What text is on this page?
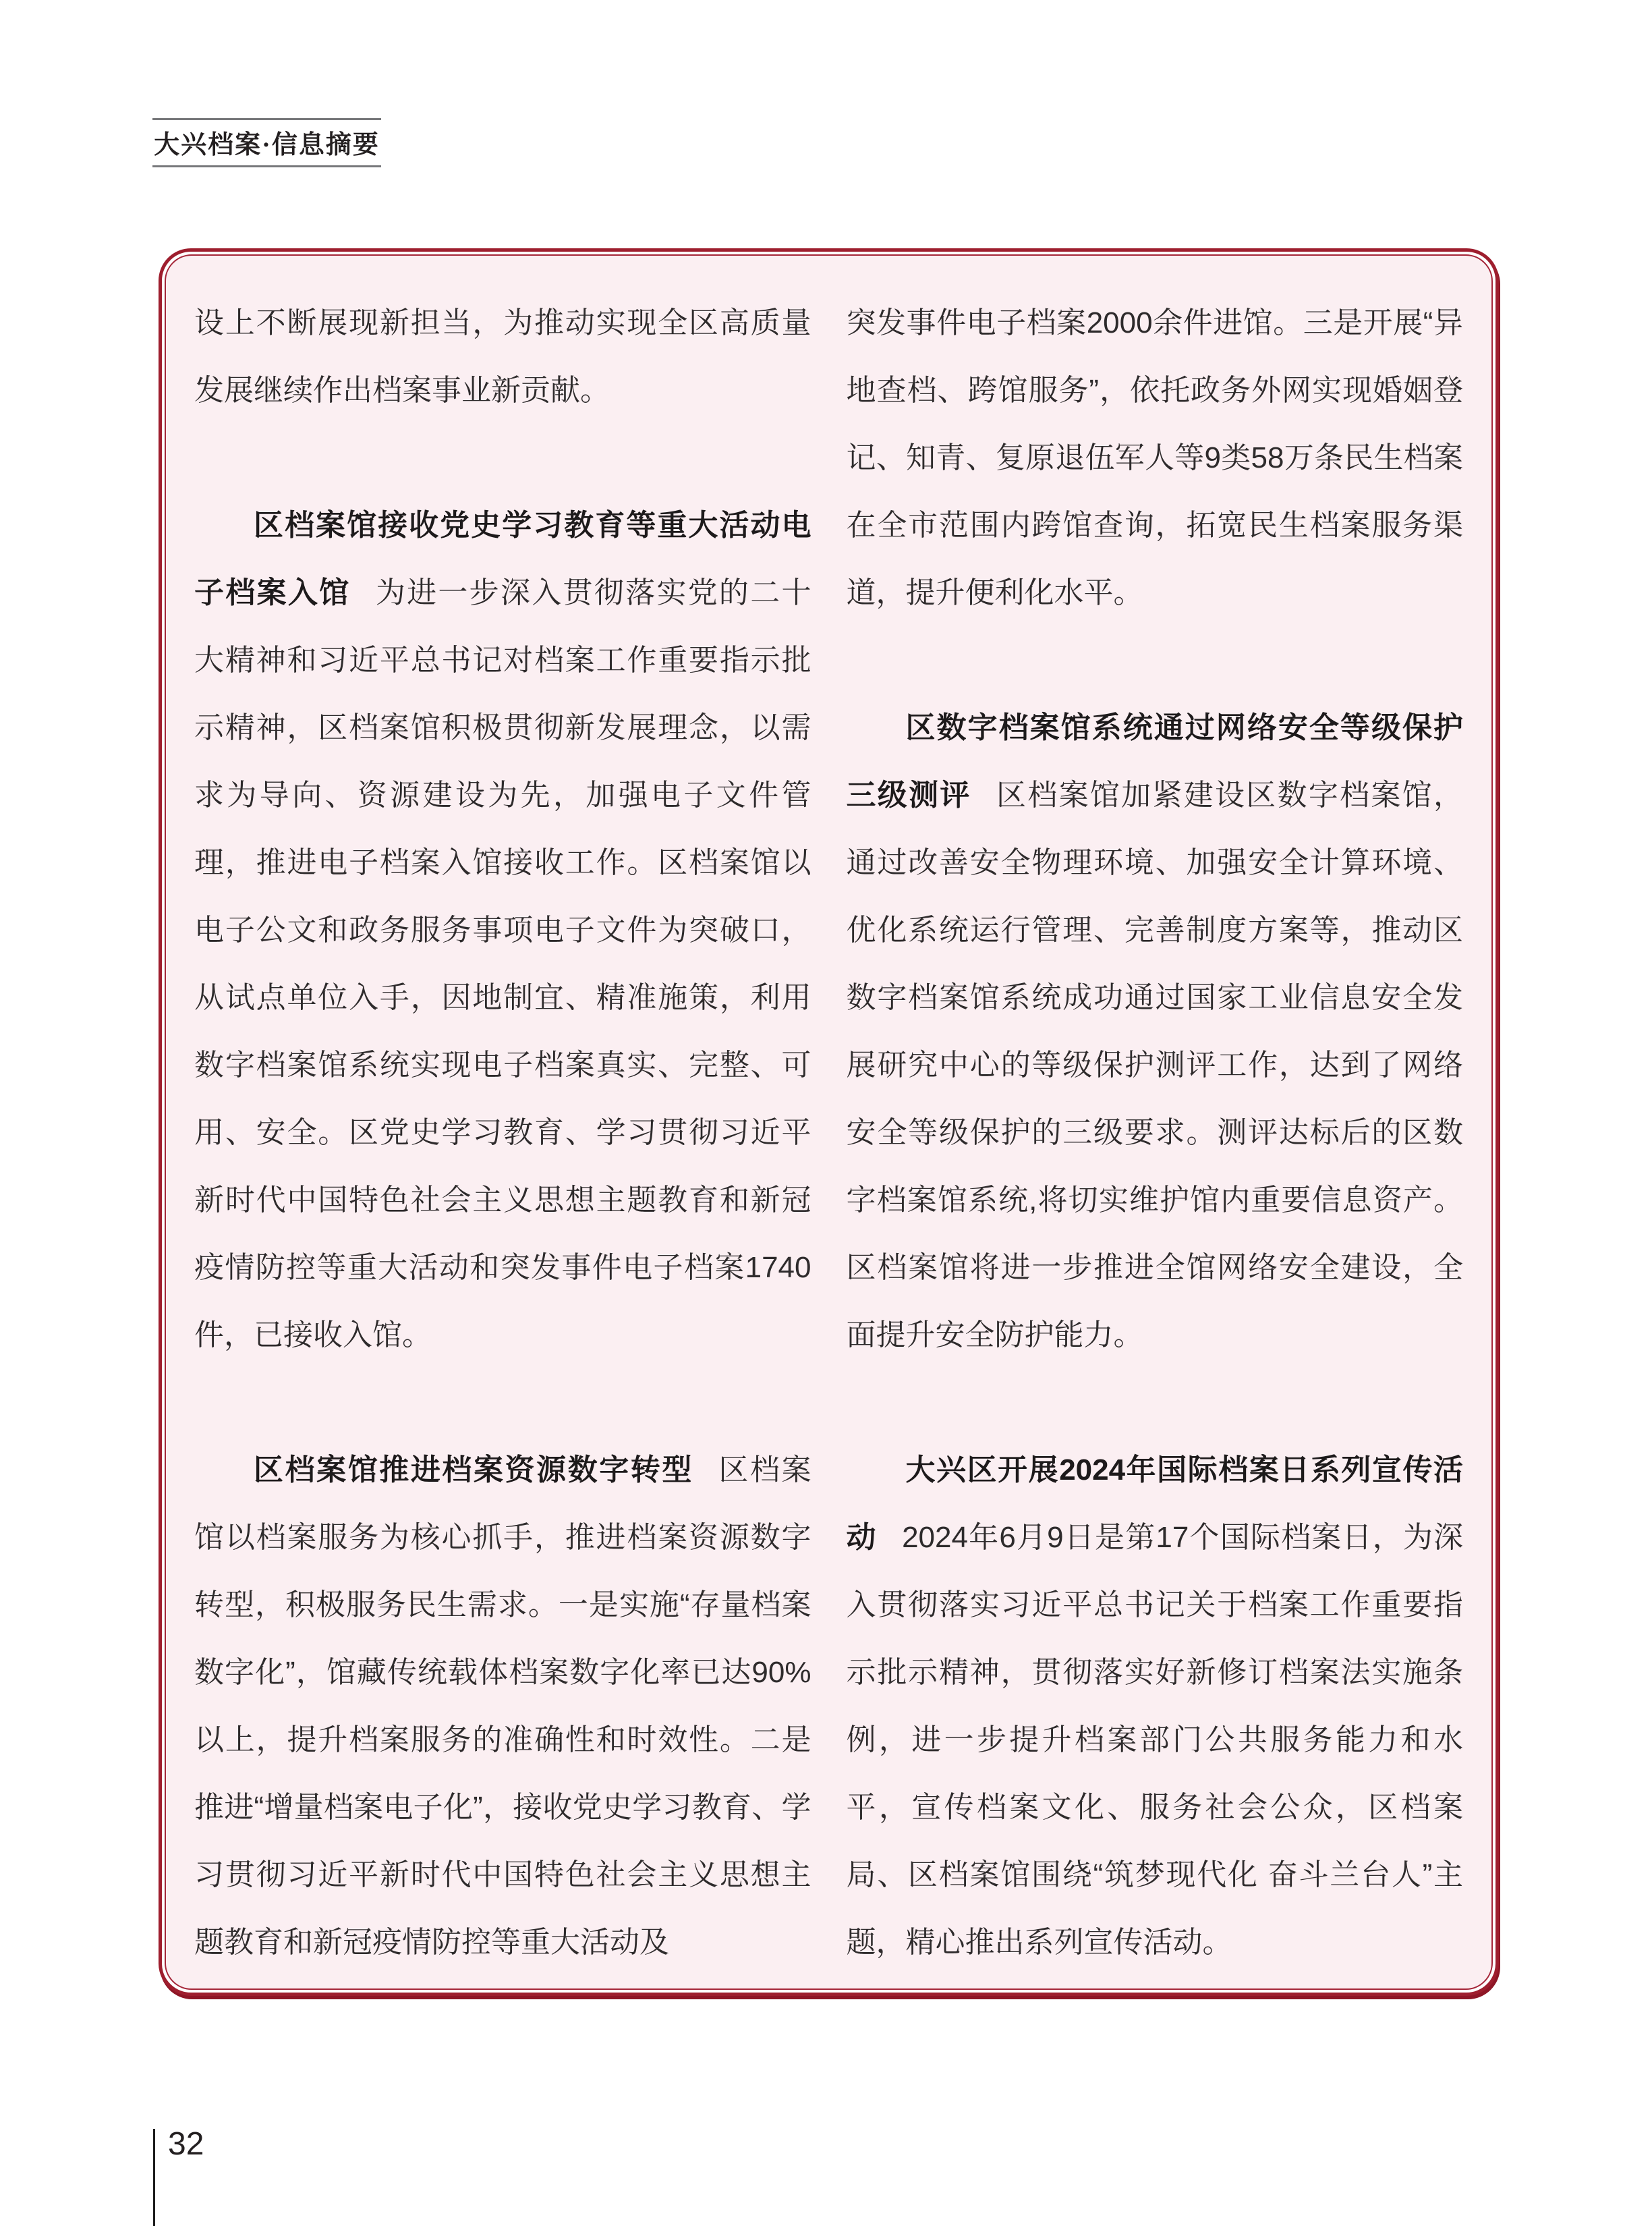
大兴档案·信息摘要

设上不断展现新担当，为推动实现全区高质量发展继续作出档案事业新贡献。

区档案馆接收党史学习教育等重大活动电子档案入馆 为进一步深入贯彻落实党的二十大精神和习近平总书记对档案工作重要指示批示精神，区档案馆积极贯彻新发展理念，以需求为导向、资源建设为先，加强电子文件管理，推进电子档案入馆接收工作。区档案馆以电子公文和政务服务事项电子文件为突破口，从试点单位入手，因地制宜、精准施策，利用数字档案馆系统实现电子档案真实、完整、可用、安全。区党史学习教育、学习贯彻习近平新时代中国特色社会主义思想主题教育和新冠疫情防控等重大活动和突发事件电子档案1740件，已接收入馆。

区档案馆推进档案资源数字转型 区档案馆以档案服务为核心抓手，推进档案资源数字转型，积极服务民生需求。一是实施“存量档案数字化”，馆藏传统载体档案数字化率已达90%以上，提升档案服务的准确性和时效性。二是推进“增量档案电子化”，接收党史学习教育、学习贯彻习近平新时代中国特色社会主义思想主题教育和新冠疫情防控等重大活动及

突发事件电子档案2000余件进馆。三是开展“异地查档、跨馆服务”，依托政务外网实现婚姻登记、知青、复原退伍军人等9类58万条民生档案在全市范围内跨馆查询，拓宽民生档案服务渠道，提升便利化水平。

区数字档案馆系统通过网络安全等级保护三级测评 区档案馆加紧建设区数字档案馆，通过改善安全物理环境、加强安全计算环境、优化系统运行管理、完善制度方案等，推动区数字档案馆系统成功通过国家工业信息安全发展研究中心的等级保护测评工作，达到了网络安全等级保护的三级要求。测评达标后的区数字档案馆系统,将切实维护馆内重要信息资产。区档案馆将进一步推进全馆网络安全建设，全面提升安全防护能力。

大兴区开展2024年国际档案日系列宣传活动 2024年6月9日是第17个国际档案日，为深入贯彻落实习近平总书记关于档案工作重要指示批示精神，贯彻落实好新修订档案法实施条例，进一步提升档案部门公共服务能力和水平，宣传档案文化、服务社会公众，区档案局、区档案馆围绕“筑梦现代化 奋斗兰台人”主题，精心推出系列宣传活动。

32
